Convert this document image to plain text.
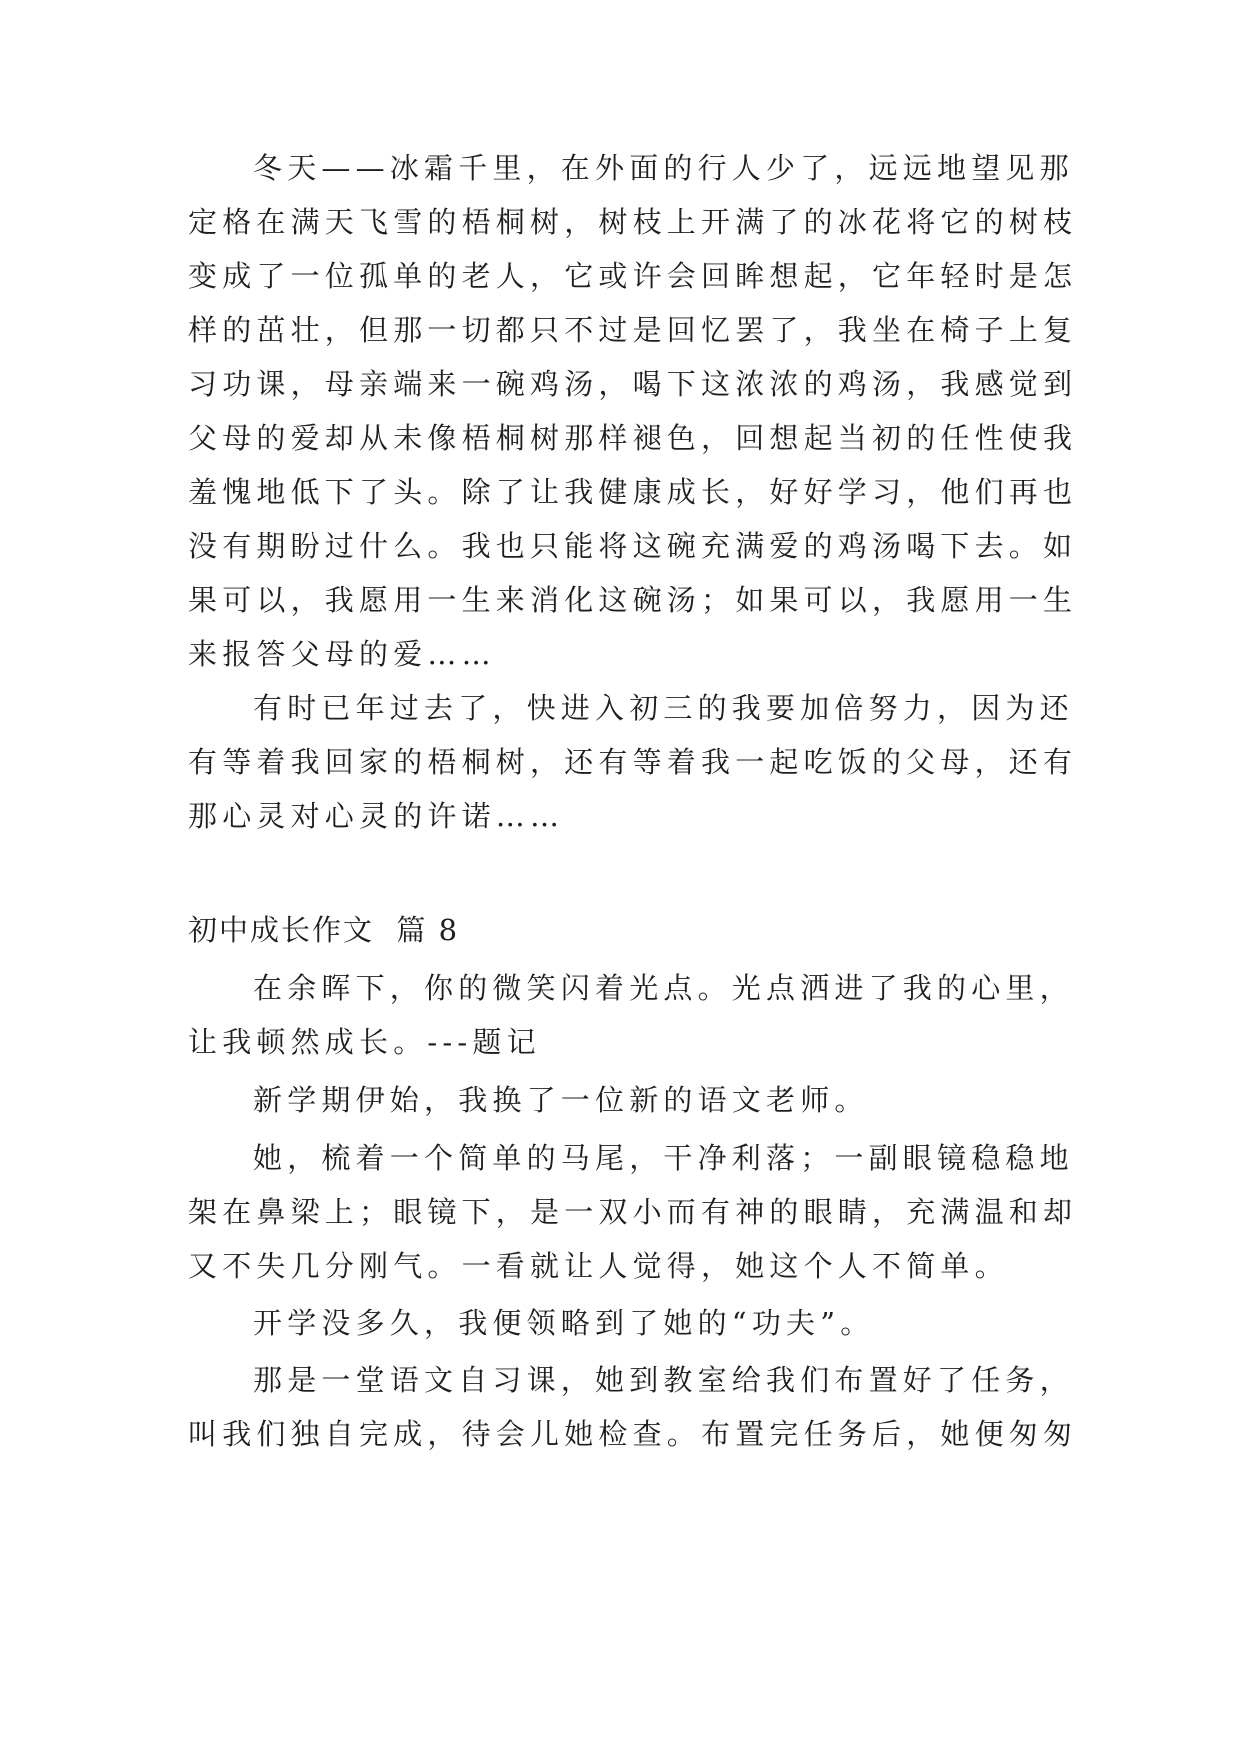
冬天——冰霜千里，在外面的行人少了，远远地望见那
定格在满天飞雪的梧桐树，树枝上开满了的冰花将它的树枝
变成了一位孤单的老人，它或许会回眸想起，它年轻时是怎
样的茁壮，但那一切都只不过是回忆罢了，我坐在椅子上复
习功课，母亲端来一碗鸡汤，喝下这浓浓的鸡汤，我感觉到
父母的爱却从未像梧桐树那样褪色，回想起当初的任性使我
羞愧地低下了头。除了让我健康成长，好好学习，他们再也
没有期盼过什么。我也只能将这碗充满爱的鸡汤喝下去。如
果可以，我愿用一生来消化这碗汤；如果可以，我愿用一生
来报答父母的爱……
有时已年过去了，快进入初三的我要加倍努力，因为还
有等着我回家的梧桐树，还有等着我一起吃饭的父母，还有
那心灵对心灵的许诺……
初中成长作文  篇 8
在余晖下，你的微笑闪着光点。光点洒进了我的心里，
让我顿然成长。---题记
新学期伊始，我换了一位新的语文老师。
她，梳着一个简单的马尾，干净利落；一副眼镜稳稳地
架在鼻梁上；眼镜下，是一双小而有神的眼睛，充满温和却
又不失几分刚气。一看就让人觉得，她这个人不简单。
开学没多久，我便领略到了她的“功夫”。
那是一堂语文自习课，她到教室给我们布置好了任务，
叫我们独自完成，待会儿她检查。布置完任务后，她便匆匆
